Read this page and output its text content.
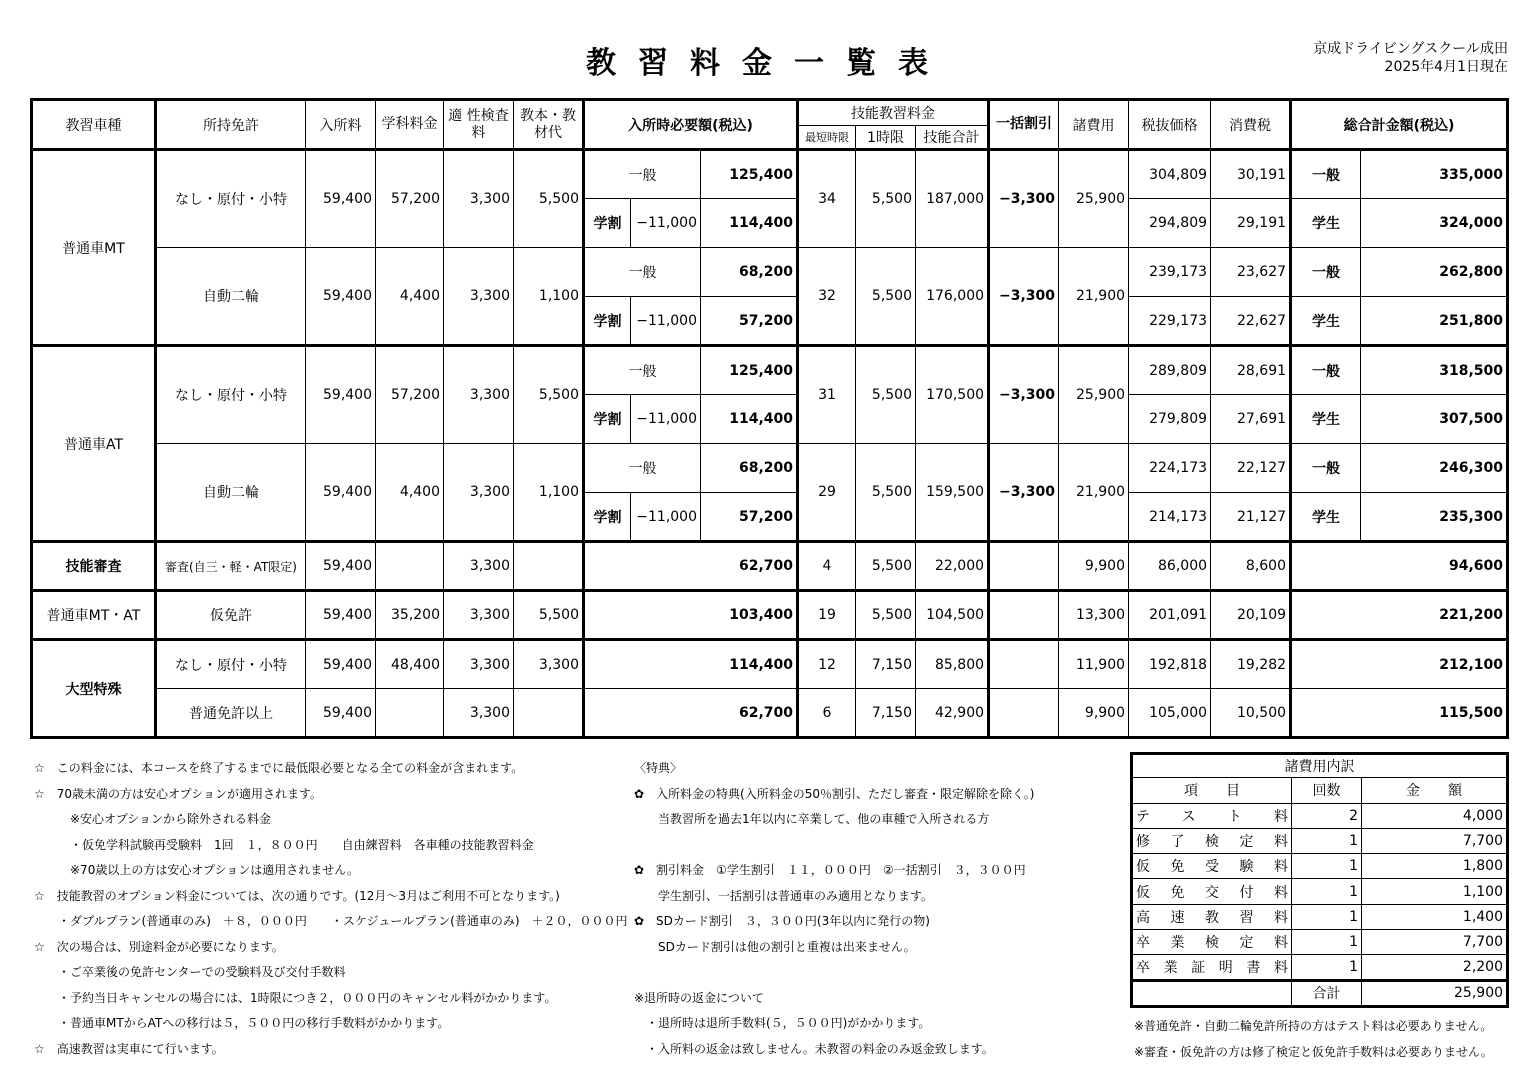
教習料金一覧表	京成ドライビングスクール成田
2025年4月1日現在
教習車種	所持免許	入所料	学科料金	適 性検査料	教本・教材代	入所時必要額(税込)			技能教習料金			一括割引	諸費用	税抜価格	消費税	総合計金額(税込)	
									最短時限	1時限	技能合計						
普通車MT	なし・原付・小特	59,400	57,200	3,300	5,500	一般		125,400	34	5,500	187,000	−3,300	25,900	304,809	30,191	一般	335,000
						学割	−11,000	114,400						294,809	29,191	学生	324,000
	自動二輪	59,400	4,400	3,300	1,100	一般		68,200	32	5,500	176,000	−3,300	21,900	239,173	23,627	一般	262,800
						学割	−11,000	57,200						229,173	22,627	学生	251,800
普通車AT	なし・原付・小特	59,400	57,200	3,300	5,500	一般		125,400	31	5,500	170,500	−3,300	25,900	289,809	28,691	一般	318,500
						学割	−11,000	114,400						279,809	27,691	学生	307,500
	自動二輪	59,400	4,400	3,300	1,100	一般		68,200	29	5,500	159,500	−3,300	21,900	224,173	22,127	一般	246,300
						学割	−11,000	57,200						214,173	21,127	学生	235,300
技能審査	審査(自三・軽・AT限定)	59,400		3,300		62,700			4	5,500	22,000		9,900	86,000	8,600	94,600	
普通車MT・AT	仮免許	59,400	35,200	3,300	5,500	103,400			19	5,500	104,500		13,300	201,091	20,109	221,200	
大型特殊	なし・原付・小特	59,400	48,400	3,300	3,300	114,400			12	7,150	85,800		11,900	192,818	19,282	212,100	
	普通免許以上	59,400		3,300		62,700			6	7,150	42,900		9,900	105,000	10,500	115,500	
☆　この料金には、本コースを終了するまでに最低限必要となる全ての料金が含まれます。
☆　70歳未満の方は安心オプションが適用されます。
　　　※安心オプションから除外される料金
　　　・仮免学科試験再受験料　1回　１，８００円　　自由練習料　各車種の技能教習料金
　　　※70歳以上の方は安心オプションは適用されません。
☆　技能教習のオプション料金については、次の通りです。(12月～3月はご利用不可となります。)
　　・ダブルプラン(普通車のみ)　＋８，０００円　　・スケジュールプラン(普通車のみ)　＋２０，０００円
☆　次の場合は、別途料金が必要になります。
　　・ご卒業後の免許センターでの受験料及び交付手数料
　　・予約当日キャンセルの場合には、1時限につき２，０００円のキャンセル料がかかります。
　　・普通車MTからATへの移行は５，５００円の移行手数料がかかります。
☆　高速教習は実車にて行います。
〈特典〉
✿　入所料金の特典(入所料金の50％割引、ただし審査・限定解除を除く。)
　　当教習所を過去1年以内に卒業して、他の車種で入所される方
✿　割引料金　①学生割引　１１，０００円　②一括割引　３，３００円
　　学生割引、一括割引は普通車のみ適用となります。
✿　SDカード割引　３，３００円(3年以内に発行の物)
　　SDカード割引は他の割引と重複は出来ません。
※退所時の返金について
　・退所時は退所手数料(５，５００円)がかかります。
　・入所料の返金は致しません。未教習の料金のみ返金致します。
諸費用内訳		
項　　目	回数	金　　額
テスト料	2	4,000
修了検定料	1	7,700
仮免受験料	1	1,800
仮免交付料	1	1,100
高速教習料	1	1,400
卒業検定料	1	7,700
卒業証明書料	1	2,200
	合計	25,900
※普通免許・自動二輪免許所持の方はテスト料は必要ありません。
※審査・仮免許の方は修了検定と仮免許手数料は必要ありません。
